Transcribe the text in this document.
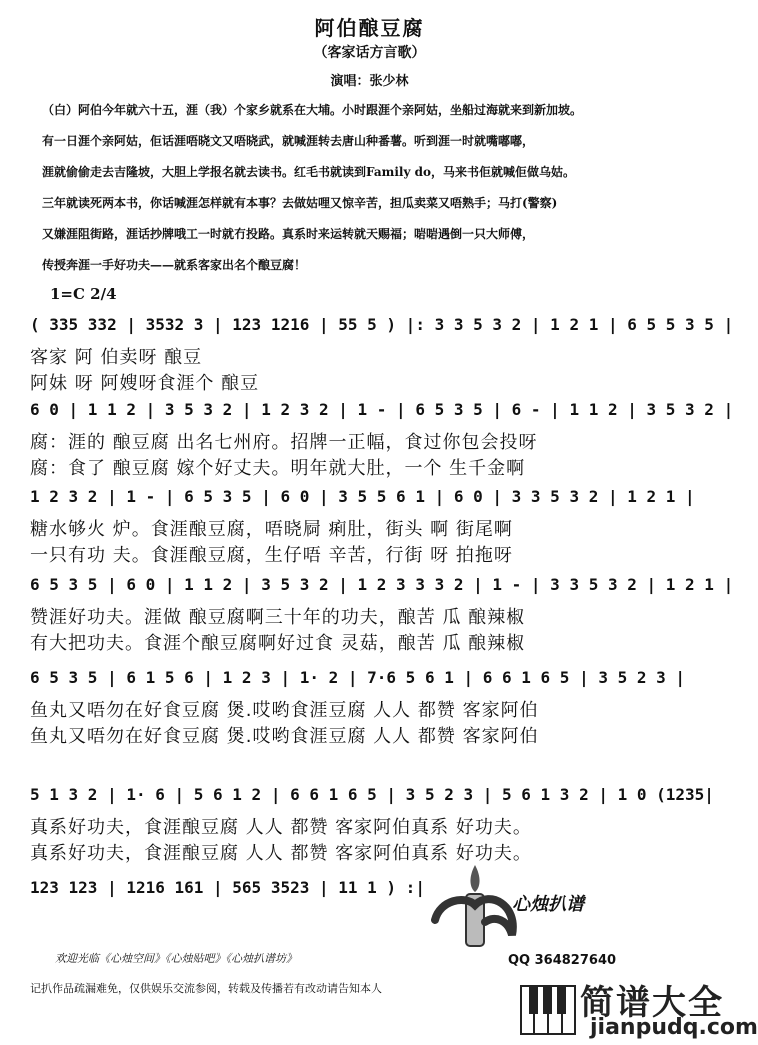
阿伯酿豆腐
（客家话方言歌）
演唱：张少林
（白）阿伯今年就六十五，涯（我）个家乡就系在大埔。小时跟涯个亲阿姑，坐船过海就来到新加坡。
有一日涯个亲阿姑，佢话涯唔晓文又唔晓武，就喊涯转去唐山种番薯。听到涯一时就嘴嘟嘟，
涯就偷偷走去吉隆坡，大胆上学报名就去读书。红毛书就读到Family do，马来书佢就喊佢做乌姑。
三年就读死两本书，你话喊涯怎样就有本事？去做姑哩又惊辛苦，担瓜卖菜又唔熟手；马打(警察)
又嫌涯阻街路，涯话抄牌哦工一时就冇投路。真系时来运转就天赐福；啱啱遇倒一只大师傅，
传授奔涯一手好功夫——就系客家出名个酿豆腐！
1=C 2/4
( 335 332 | 3532 3 | 123 1216 | 55 5 ) |: 3 3 5 3 2 | 1 2 1 | 6 5 5 3 5 |
客家 阿 伯卖呀 酿豆
阿妹 呀 阿嫂呀食涯个 酿豆
6 0 | 1 1 2 | 3 5 3 2 | 1 2 3 2 | 1 - | 6 5 3 5 | 6 - | 1 1 2 | 3 5 3 2 |
腐：涯的 酿豆腐 出名七州府。招牌一正幅，食过你包会投呀
腐：食了 酿豆腐 嫁个好丈夫。明年就大肚，一个 生千金啊
1 2 3 2 | 1 - | 6 5 3 5 | 6 0 | 3 5 5 6 1 | 6 0 | 3 3 5 3 2 | 1 2 1 |
糖水够火 炉。食涯酿豆腐，唔晓屙 痢肚，街头 啊 街尾啊
一只有功 夫。食涯酿豆腐，生仔唔 辛苦，行街 呀 拍拖呀
6 5 3 5 | 6 0 | 1 1 2 | 3 5 3 2 | 1 2 3 3 3 2 | 1 - | 3 3 5 3 2 | 1 2 1 |
赞涯好功夫。涯做 酿豆腐啊三十年的功夫，酿苦 瓜 酿辣椒
有大把功夫。食涯个酿豆腐啊好过食 灵菇，酿苦 瓜 酿辣椒
6 5 3 5 | 6 1 5 6 | 1 2 3 | 1· 2 | 7·6 5 6 1 | 6 6 1 6 5 | 3 5 2 3 |
鱼丸又唔勿在好食豆腐 煲.哎哟食涯豆腐 人人 都赞 客家阿伯
鱼丸又唔勿在好食豆腐 煲.哎哟食涯豆腐 人人 都赞 客家阿伯
5 1 3 2 | 1· 6 | 5 6 1 2 | 6 6 1 6 5 | 3 5 2 3 | 5 6 1 3 2 | 1 0 (1235|
真系好功夫，食涯酿豆腐 人人 都赞 客家阿伯真系 好功夫。
真系好功夫，食涯酿豆腐 人人 都赞 客家阿伯真系 好功夫。
123 123 | 1216 161 | 565 3523 | 11 1 ) :|
心烛扒谱
QQ 364827640
欢迎光临《心烛空间》《心烛贴吧》《心烛扒谱坊》
记扒作品疏漏难免，仅供娱乐交流参阅，转载及传播若有改动请告知本人	简谱大全
jianpudq.com
